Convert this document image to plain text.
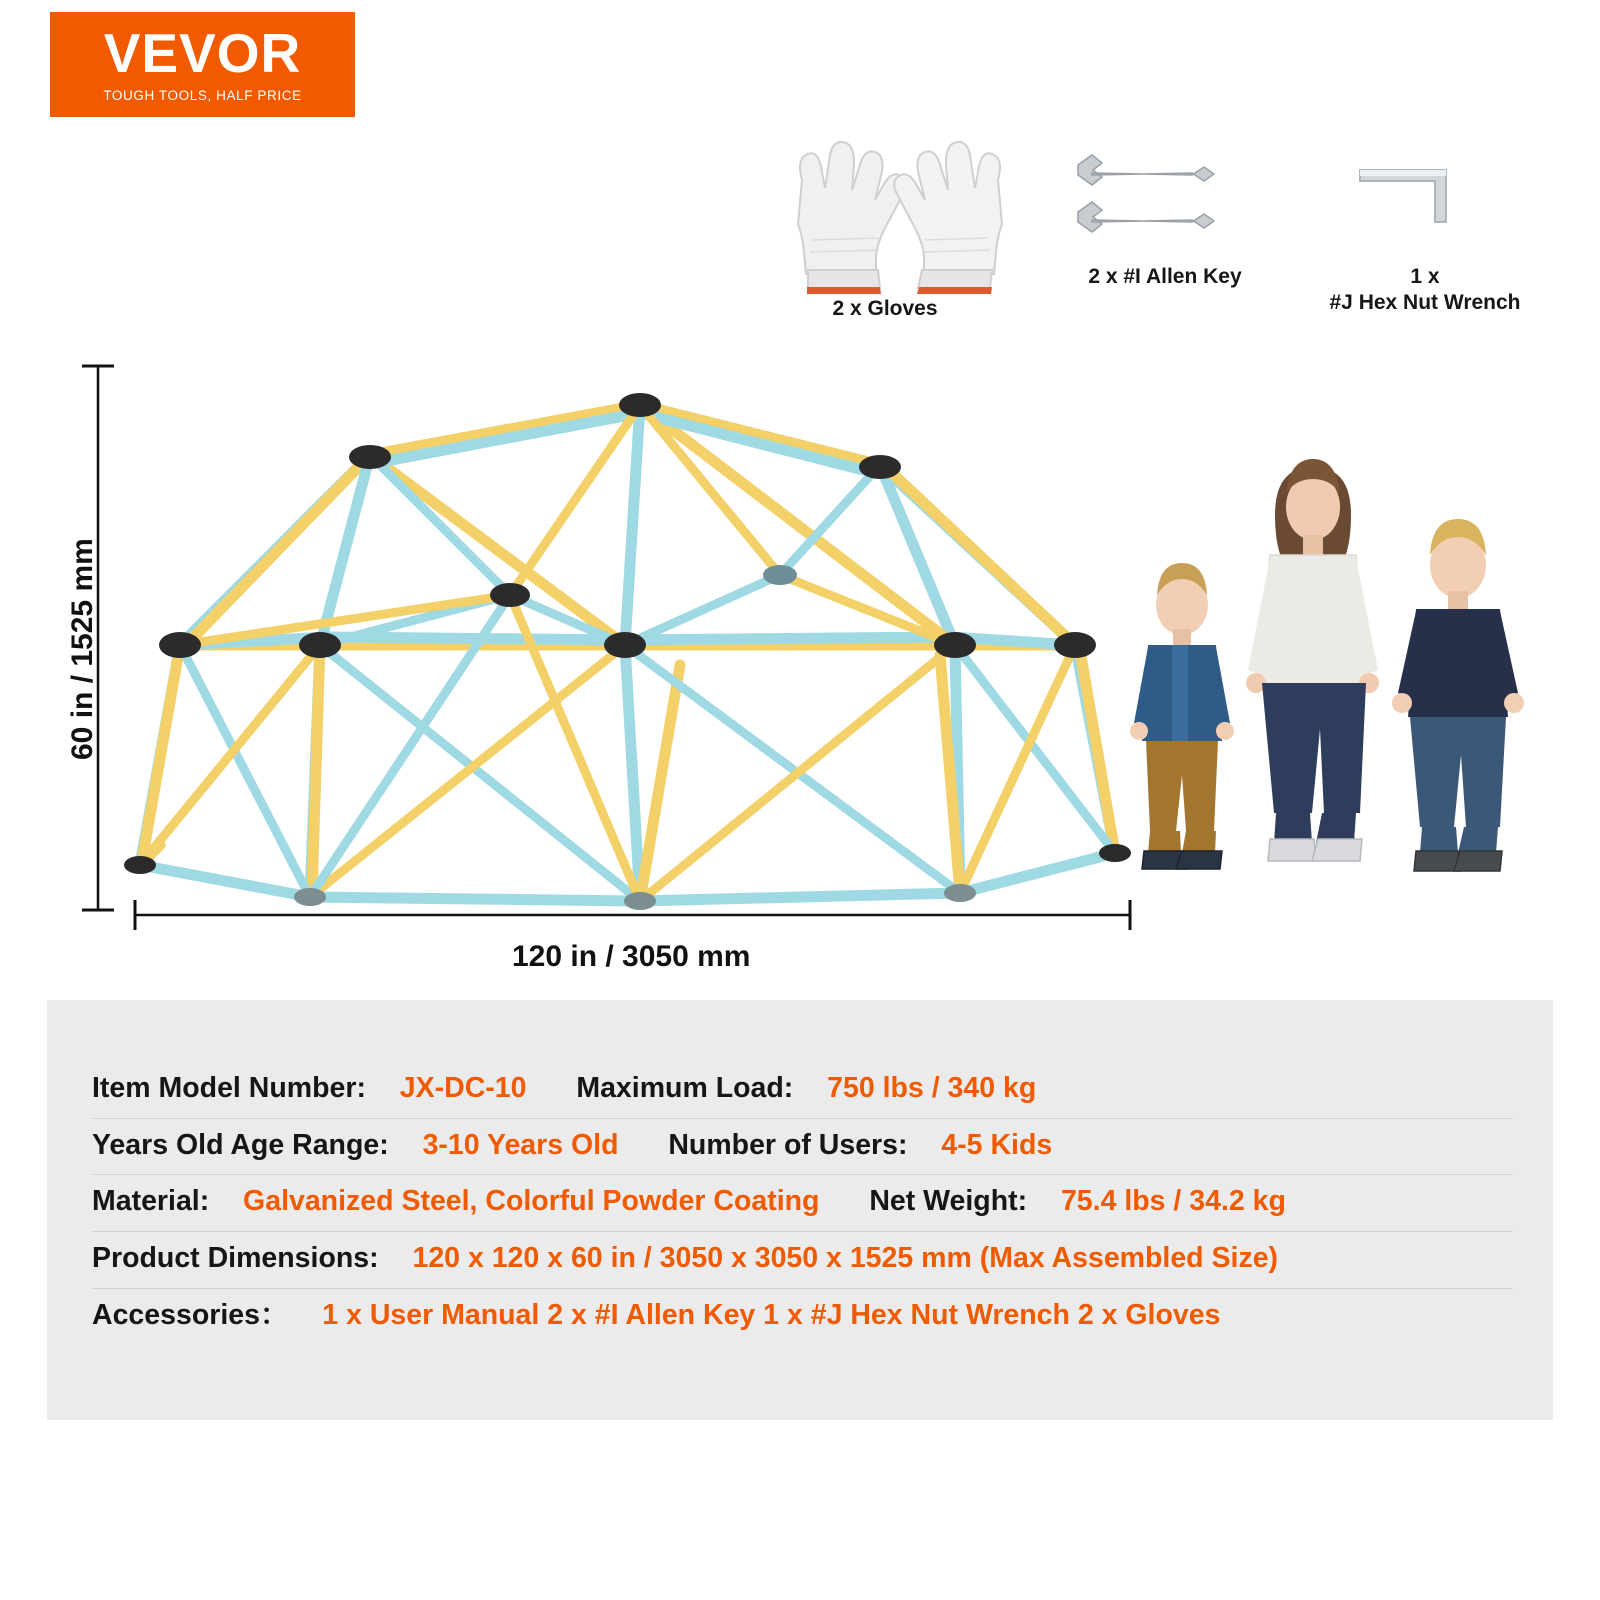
VEVOR
TOUGH TOOLS, HALF PRICE
2 x Gloves
2 x #I Allen Key	1 x
#J Hex Nut Wrench
60 in / 1525 mm
120 in / 3050 mm
Item Model Number: JX-DC-10 Maximum Load: 750 lbs / 340 kg
Years Old Age Range: 3-10 Years Old Number of Users: 4-5 Kids
Material: Galvanized Steel, Colorful Powder Coating Net Weight: 75.4 lbs / 34.2 kg
Product Dimensions: 120 x 120 x 60 in / 3050 x 3050 x 1525 mm (Max Assembled Size)
Accessories： 1 x User Manual 2 x #I Allen Key 1 x #J Hex Nut Wrench 2 x Gloves
